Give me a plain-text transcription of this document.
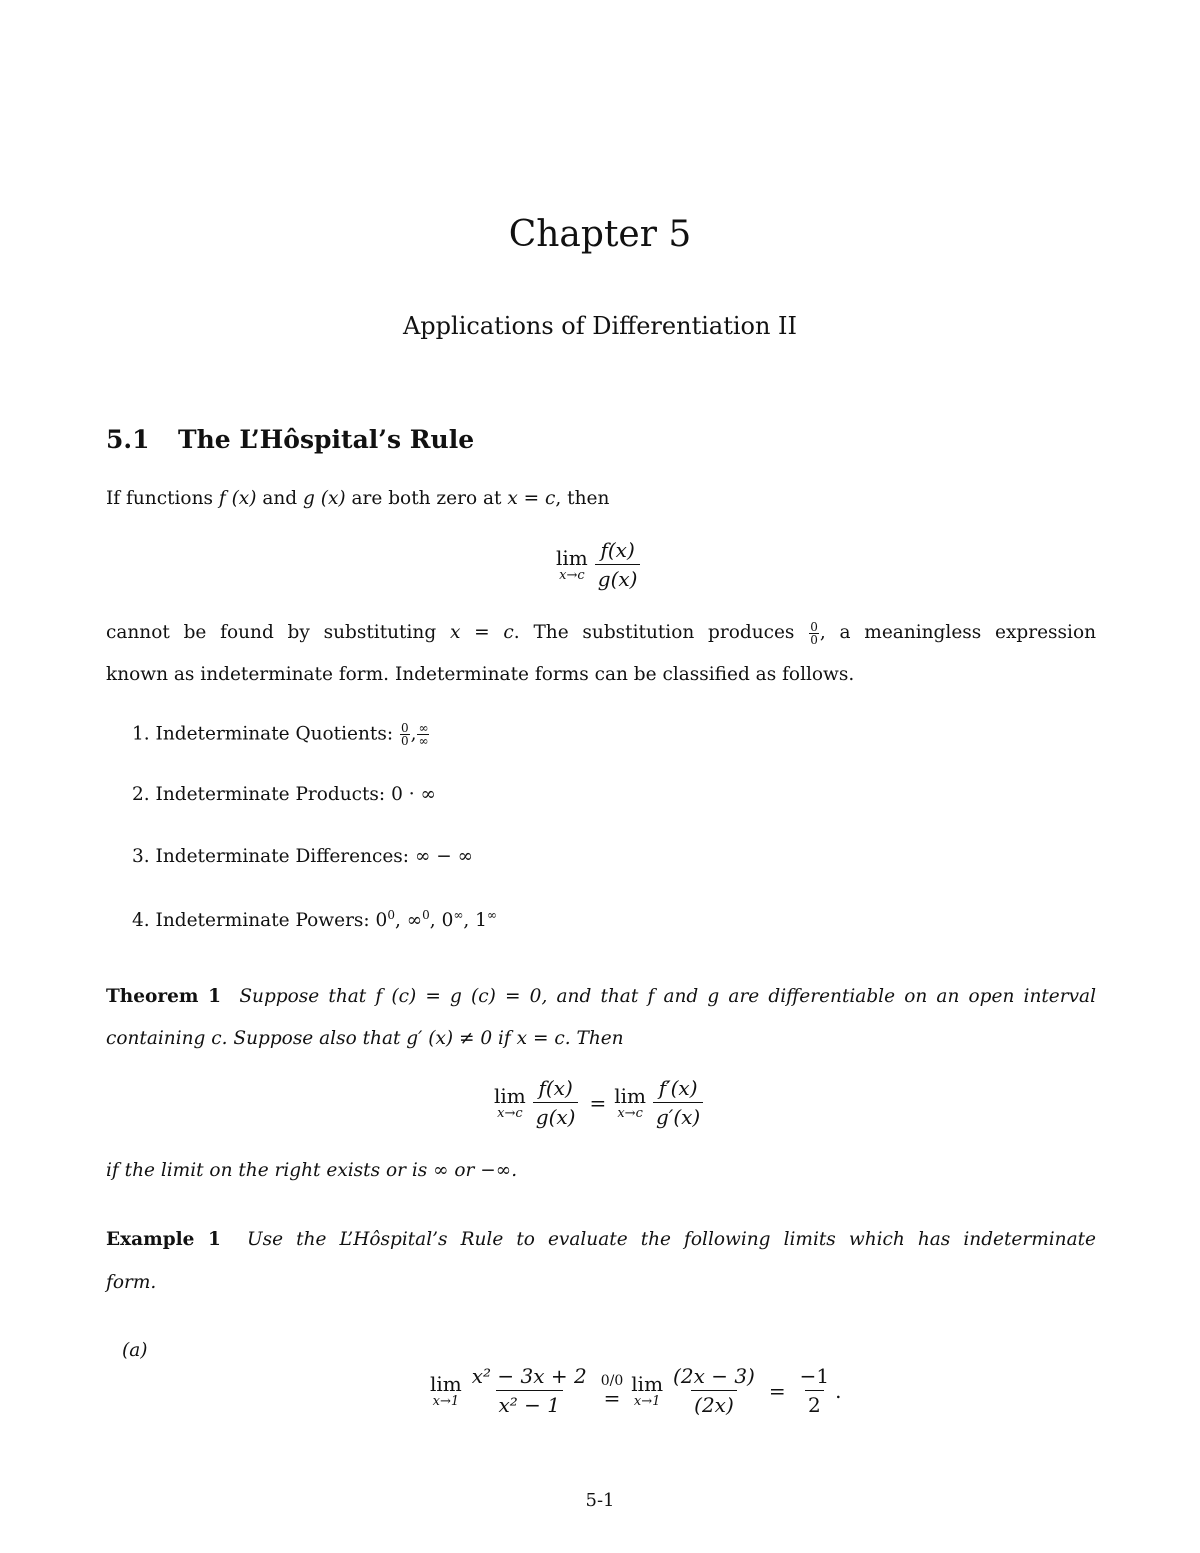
Chapter 5
Applications of Differentiation II
5.1 The L’Hôspital’s Rule
If functions f (x) and g (x) are both zero at x = c, then
lim
$x\to c \frac{f(x)}{g(x)}$
cannot be found by substituting x = c. The substitution produces $\frac{0}{0}$ , a meaningless expression
known as indeterminate form. Indeterminate forms can be classified as follows.
1. Indeterminate Quotients: $\frac{0}{0}$ , ∞
∞
2. Indeterminate Products: 0 · ∞
3. Indeterminate Differences: ∞ − ∞
4. Indeterminate Powers: $0^0$, ∞$^0$, 0∞, 1∞
Theorem 1 Suppose that f (c) = g (c) = 0, and that f and g are differentiable on an open interval
containing c. Suppose also that g′ (x) ≠ 0 if x = c. Then
lim
$x\to c \frac{f(x)}{g(x)} = \lim$
$x\to c \frac{f'(x)}{g'(x)}$
if the limit on the right exists or is ∞ or −∞.
Example 1 Use the L’Hôspital’s Rule to evaluate the following limits which has indeterminate
form.
(a)
lim
$x\to 1 \frac{\text{x² − 3x + 2}}{\text{x² − 1}} 0/0$
=
lim
$x\to 1 \frac{(2x - 3)}{(2x)} = \frac{-1}{2}$ .
5-1
